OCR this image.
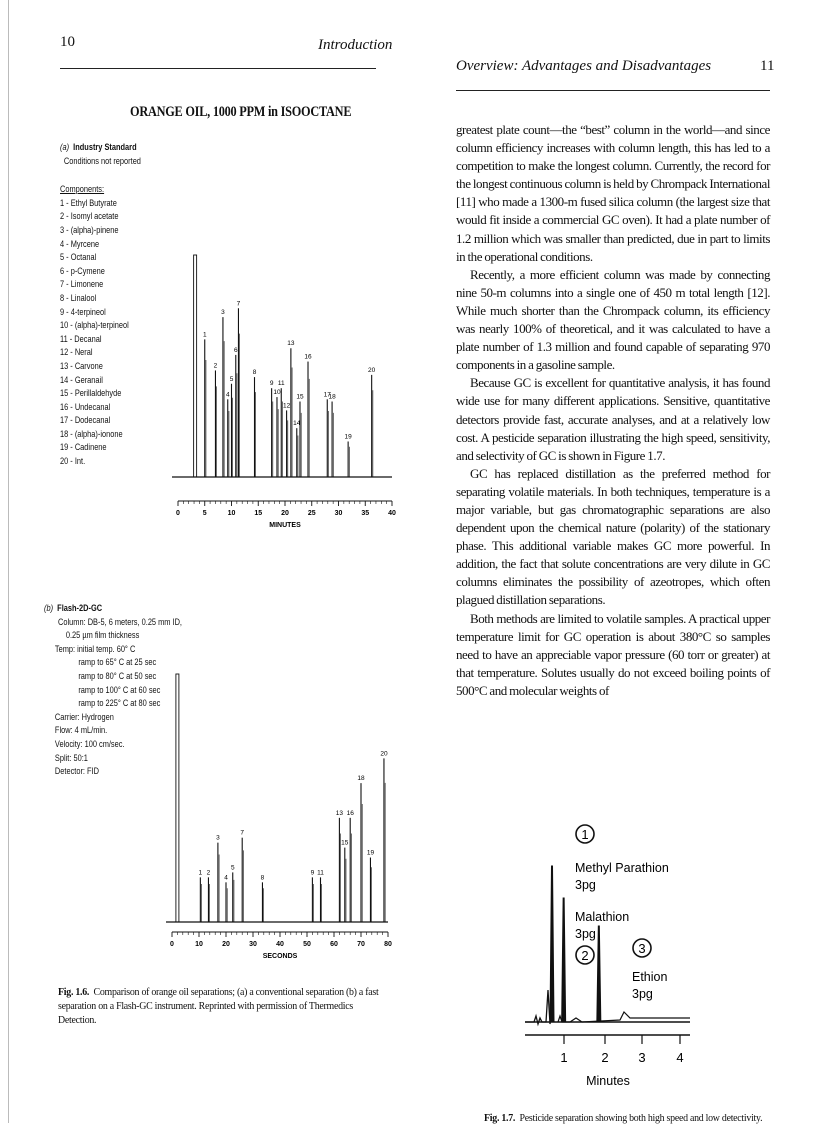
10	Introduction
Overview: Advantages and Disadvantages	11
ORANGE OIL, 1000 PPM in ISOOCTANE
(a) Industry Standard
Conditions not reported
Components:
1 - Ethyl Butyrate
2 - Isomyl acetate
3 - (alpha)-pinene
4 - Myrcene
5 - Octanal
6 - p-Cymene
7 - Limonene
8 - Linalool
9 - 4-terpineol
10 - (alpha)-terpineol
11 - Decanal
12 - Neral
13 - Carvone
14 - Geranail
15 - Perillaldehyde
16 - Undecanal
17 - Dodecanal
18 - (alpha)-ionone
19 - Cadinene
20 - Int.
0	5	10	15	20	25	30	35	40
MINUTES
1
2
3
4
5
6
7
8
9
10
11
12
13
14
15
16
17
18
19
20
(b) Flash-2D-GC
Column: DB-5, 6 meters, 0.25 mm ID,
0.25 µm film thickness
Temp: initial temp. 60° C
ramp to 65° C at 25 sec
ramp to 80° C at 50 sec
ramp to 100° C at 60 sec
ramp to 225° C at 80 sec
Carrier: Hydrogen
Flow: 4 mL/min.
Velocity: 100 cm/sec.
Split: 50:1
Detector: FID
0	10	20	30	40	50	60	70	80
SECONDS
1 2
3
4
5
7
8
9 11
13
15
16
18
19
20
Fig. 1.6. Comparison of orange oil separations; (a) a conventional separation (b) a fast separation on a Flash-GC instrument. Reprinted with permission of Thermedics Detection.

greatest plate count—the “best” column in the world—and since column efficiency increases with column length, this has led to a competition to make the longest column. Currently, the record for the longest continuous column is held by Chrompack International [11] who made a 1300-m fused silica column (the largest size that would fit inside a commercial GC oven). It had a plate number of 1.2 million which was smaller than predicted, due in part to limits in the operational conditions.

Recently, a more efficient column was made by connecting nine 50-m columns into a single one of 450 m total length [12]. While much shorter than the Chrompack column, its efficiency was nearly 100% of theoretical, and it was calculated to have a plate number of 1.3 million and found capable of separating 970 components in a gasoline sample.

Because GC is excellent for quantitative analysis, it has found wide use for many different applications. Sensitive, quantitative detectors provide fast, accurate analyses, and at a relatively low cost. A pesticide separation illustrating the high speed, sensitivity, and selectivity of GC is shown in Figure 1.7.

GC has replaced distillation as the preferred method for separating volatile materials. In both techniques, temperature is a major variable, but gas chromatographic separations are also dependent upon the chemical nature (polarity) of the stationary phase. This additional variable makes GC more powerful. In addition, the fact that solute concentrations are very dilute in GC columns eliminates the possibility of azeotropes, which often plagued distillation separations.

Both methods are limited to volatile samples. A practical upper temperature limit for GC operation is about 380°C so samples need to have an appreciable vapor pressure (60 torr or greater) at that temperature. Solutes usually do not exceed boiling points of 500°C and molecular weights of

1	2 3 4
1
Methyl Parathion
3pg
Malathion
3pg
2	3
Ethion
3pg
Minutes
Fig. 1.7. Pesticide separation showing both high speed and low detectivity.
